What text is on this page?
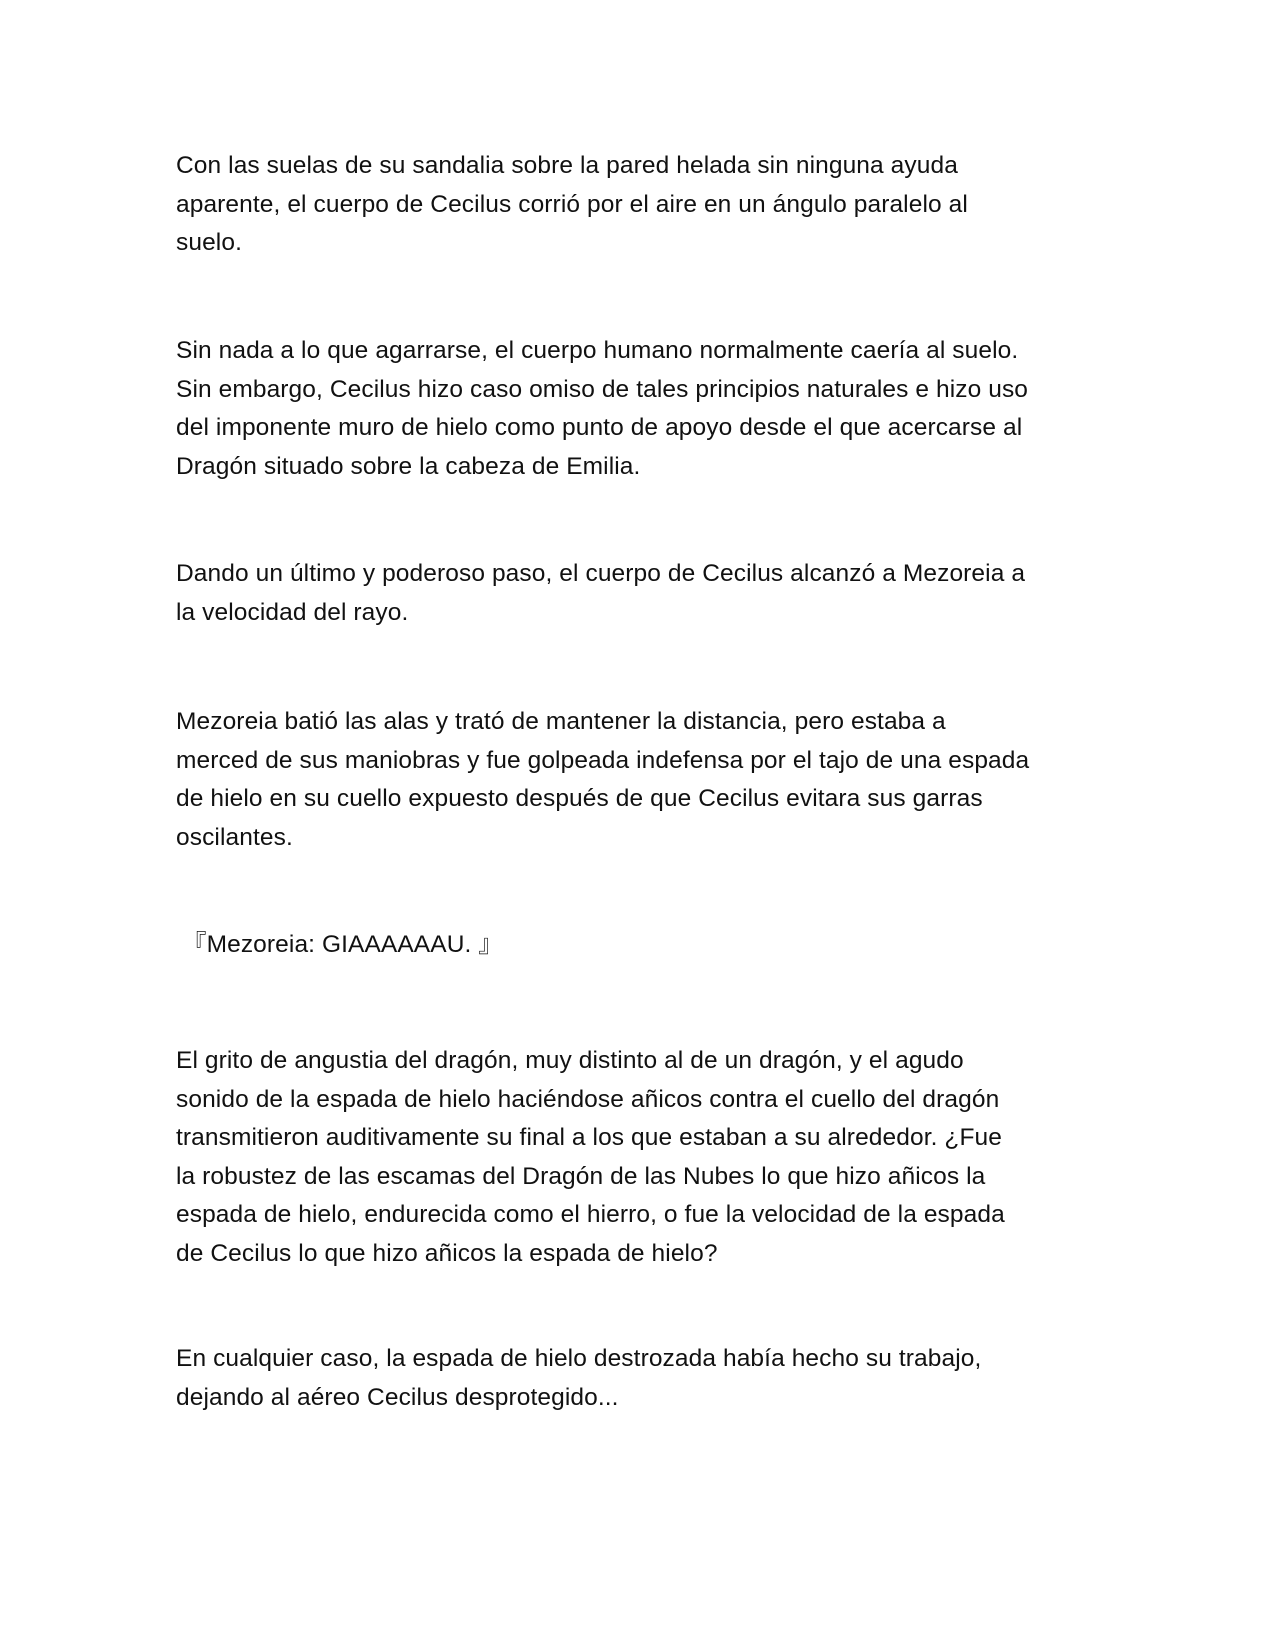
Con las suelas de su sandalia sobre la pared helada sin ninguna ayuda
aparente, el cuerpo de Cecilus corrió por el aire en un ángulo paralelo al
suelo.

Sin nada a lo que agarrarse, el cuerpo humano normalmente caería al suelo.
Sin embargo, Cecilus hizo caso omiso de tales principios naturales e hizo uso
del imponente muro de hielo como punto de apoyo desde el que acercarse al
Dragón situado sobre la cabeza de Emilia.

Dando un último y poderoso paso, el cuerpo de Cecilus alcanzó a Mezoreia a
la velocidad del rayo.

Mezoreia batió las alas y trató de mantener la distancia, pero estaba a
merced de sus maniobras y fue golpeada indefensa por el tajo de una espada
de hielo en su cuello expuesto después de que Cecilus evitara sus garras
oscilantes.

『Mezoreia: GIAAAAAAU. 』

El grito de angustia del dragón, muy distinto al de un dragón, y el agudo
sonido de la espada de hielo haciéndose añicos contra el cuello del dragón
transmitieron auditivamente su final a los que estaban a su alrededor. ¿Fue
la robustez de las escamas del Dragón de las Nubes lo que hizo añicos la
espada de hielo, endurecida como el hierro, o fue la velocidad de la espada
de Cecilus lo que hizo añicos la espada de hielo?

En cualquier caso, la espada de hielo destrozada había hecho su trabajo,
dejando al aéreo Cecilus desprotegido...
